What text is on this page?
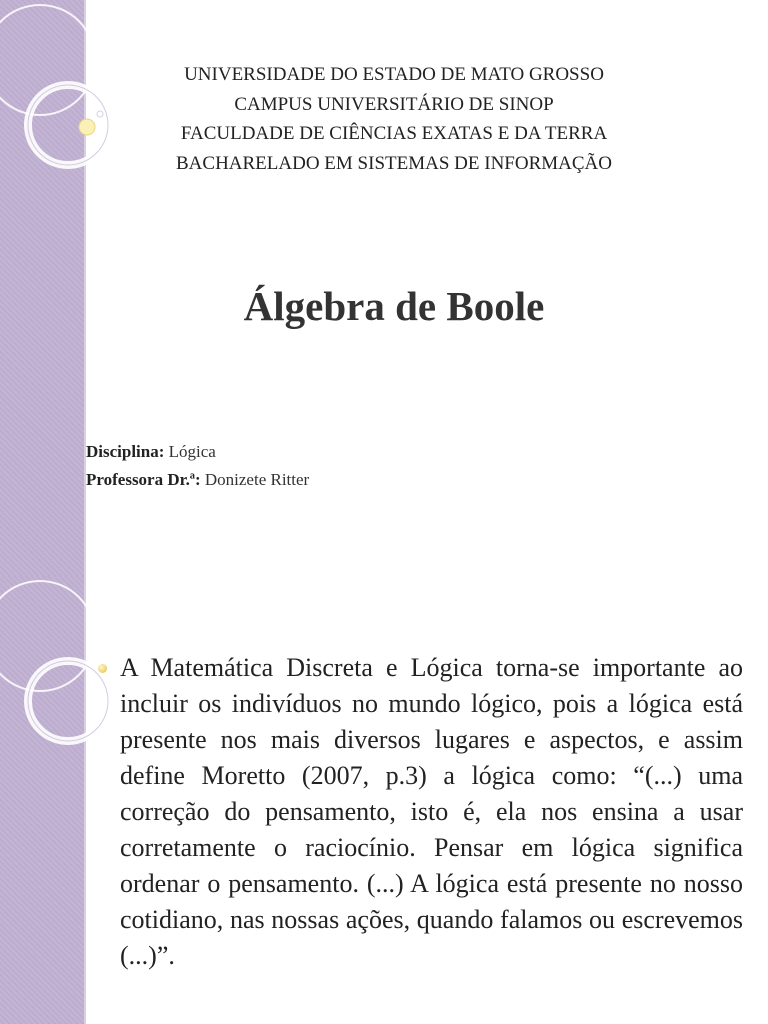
UNIVERSIDADE DO ESTADO DE MATO GROSSO
CAMPUS UNIVERSITÁRIO DE SINOP
FACULDADE DE CIÊNCIAS EXATAS E DA TERRA
BACHARELADO EM SISTEMAS DE INFORMAÇÃO
Álgebra de Boole
Disciplina: Lógica
Professora Dr.ª: Donizete Ritter
A Matemática Discreta e Lógica torna-se importante ao incluir os indivíduos no mundo lógico, pois a lógica está presente nos mais diversos lugares e aspectos, e assim define Moretto (2007, p.3) a lógica como: “(...) uma correção do pensamento, isto é, ela nos ensina a usar corretamente o raciocínio. Pensar em lógica significa ordenar o pensamento. (...) A lógica está presente no nosso cotidiano, nas nossas ações, quando falamos ou escrevemos (...)”.
